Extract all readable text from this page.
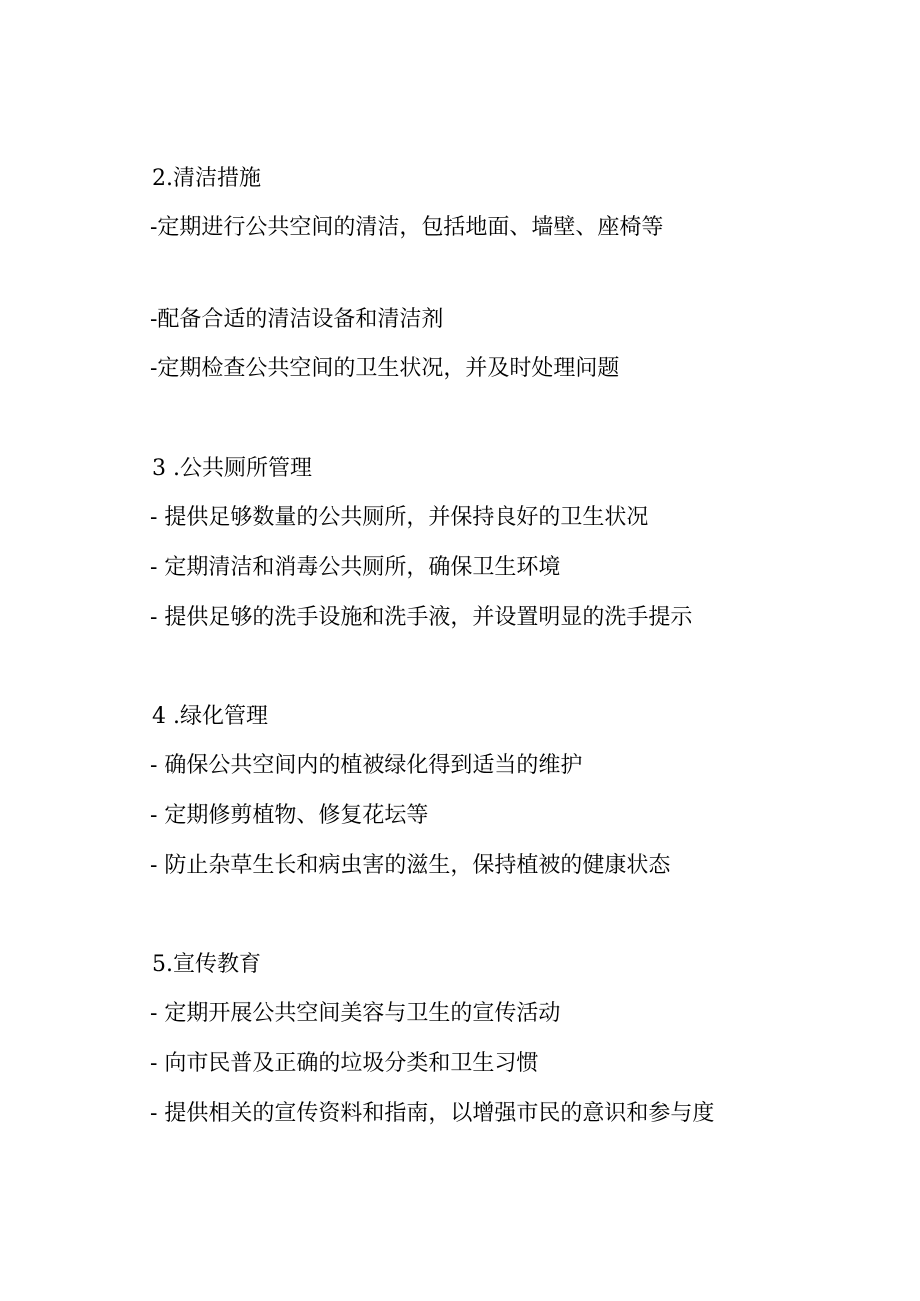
2.清洁措施

-定期进行公共空间的清洁，包括地面、墙壁、座椅等

-配备合适的清洁设备和清洁剂

-定期检查公共空间的卫生状况，并及时处理问题

3 .公共厕所管理

- 提供足够数量的公共厕所，并保持良好的卫生状况

- 定期清洁和消毒公共厕所，确保卫生环境

- 提供足够的洗手设施和洗手液，并设置明显的洗手提示

4 .绿化管理

- 确保公共空间内的植被绿化得到适当的维护

- 定期修剪植物、修复花坛等

- 防止杂草生长和病虫害的滋生，保持植被的健康状态

5.宣传教育

- 定期开展公共空间美容与卫生的宣传活动

- 向市民普及正确的垃圾分类和卫生习惯

- 提供相关的宣传资料和指南，以增强市民的意识和参与度
